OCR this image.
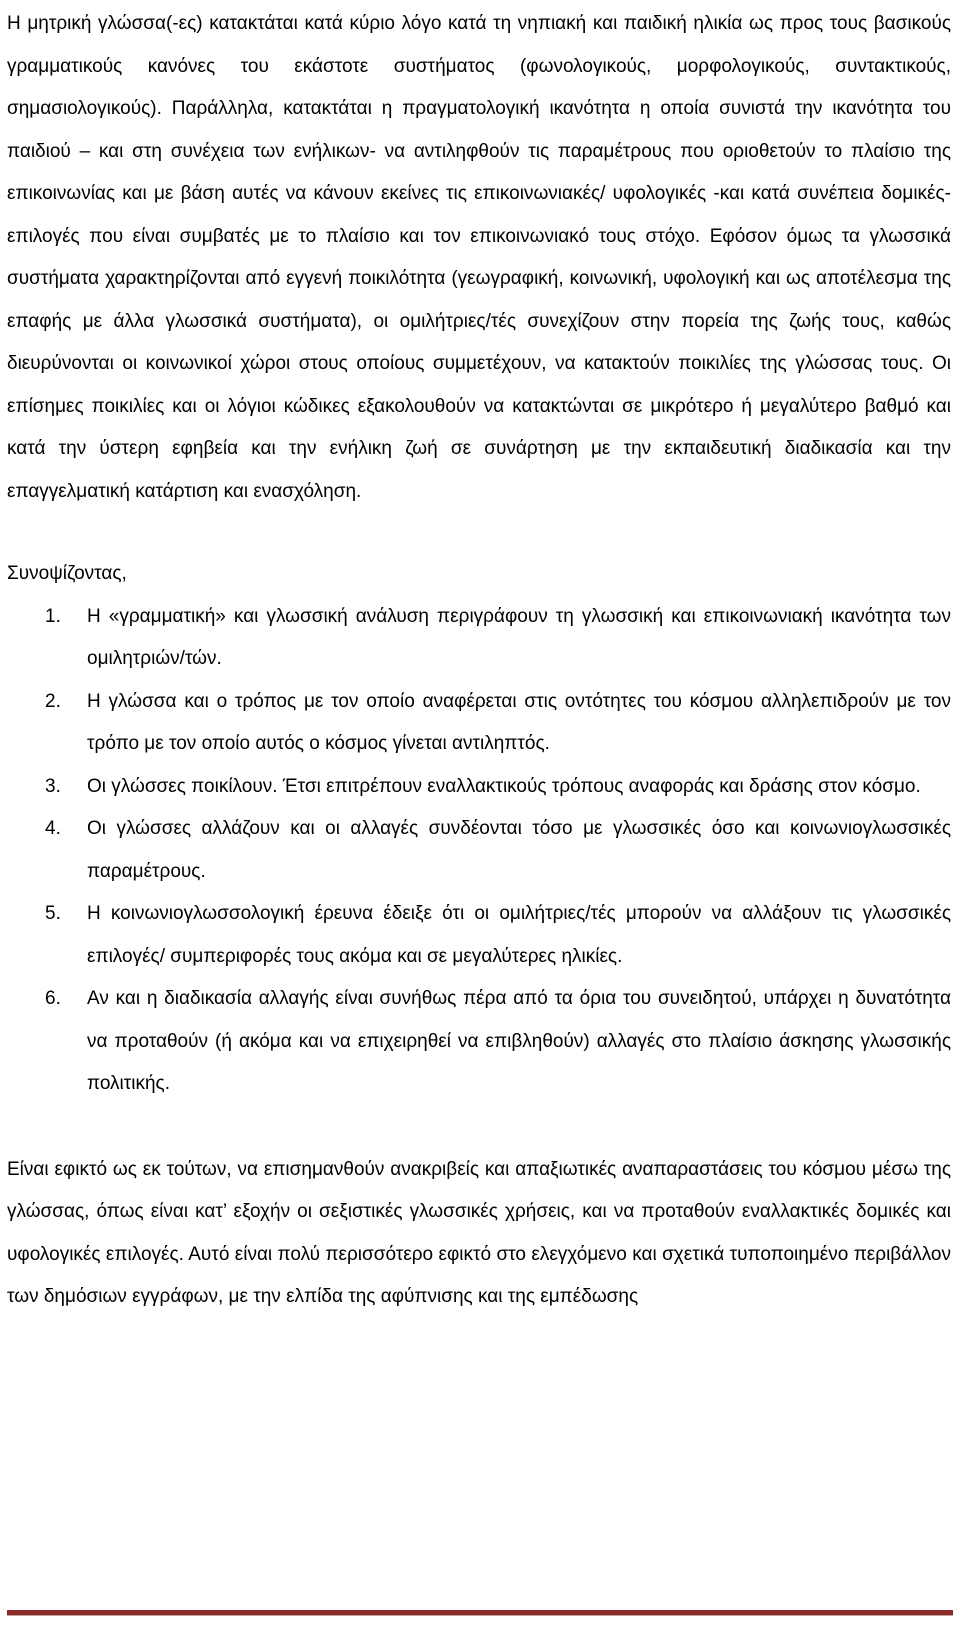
Η μητρική γλώσσα(-ες) κατακτάται κατά κύριο λόγο κατά τη νηπιακή και παιδική ηλικία ως προς τους βασικούς γραμματικούς κανόνες του εκάστοτε συστήματος (φωνολογικούς, μορφολογικούς, συντακτικούς, σημασιολογικούς). Παράλληλα, κατακτάται η πραγματολογική ικανότητα η οποία συνιστά την ικανότητα του παιδιού – και στη συνέχεια των ενήλικων- να αντιληφθούν τις παραμέτρους που οριοθετούν το πλαίσιο της επικοινωνίας και με βάση αυτές να κάνουν εκείνες τις επικοινωνιακές/ υφολογικές -και κατά συνέπεια δομικές- επιλογές που είναι συμβατές με το πλαίσιο και τον επικοινωνιακό τους στόχο. Εφόσον όμως τα γλωσσικά συστήματα χαρακτηρίζονται από εγγενή ποικιλότητα (γεωγραφική, κοινωνική, υφολογική και ως αποτέλεσμα της επαφής με άλλα γλωσσικά συστήματα), οι ομιλήτριες/τές συνεχίζουν στην πορεία της ζωής τους, καθώς διευρύνονται οι κοινωνικοί χώροι στους οποίους συμμετέχουν, να κατακτούν ποικιλίες της γλώσσας τους. Οι επίσημες ποικιλίες και οι λόγιοι κώδικες εξακολουθούν να κατακτώνται σε μικρότερο ή μεγαλύτερο βαθμό και κατά την ύστερη εφηβεία και την ενήλικη ζωή σε συνάρτηση με την εκπαιδευτική διαδικασία και την επαγγελματική κατάρτιση και ενασχόληση.

Συνοψίζοντας,

1. Η «γραμματική» και γλωσσική ανάλυση περιγράφουν τη γλωσσική και επικοινωνιακή ικανότητα των ομιλητριών/τών.
2. Η γλώσσα και ο τρόπος με τον οποίο αναφέρεται στις οντότητες του κόσμου αλληλεπιδρούν με τον τρόπο με τον οποίο αυτός ο κόσμος γίνεται αντιληπτός.
3. Οι γλώσσες ποικίλουν. Έτσι επιτρέπουν εναλλακτικούς τρόπους αναφοράς και δράσης στον κόσμο.
4. Οι γλώσσες αλλάζουν και οι αλλαγές συνδέονται τόσο με γλωσσικές όσο και κοινωνιογλωσσικές παραμέτρους.
5. Η κοινωνιογλωσσολογική έρευνα έδειξε ότι οι ομιλήτριες/τές μπορούν να αλλάξουν τις γλωσσικές επιλογές/ συμπεριφορές τους ακόμα και σε μεγαλύτερες ηλικίες.
6. Αν και η διαδικασία αλλαγής είναι συνήθως πέρα από τα όρια του συνειδητού, υπάρχει η δυνατότητα να προταθούν (ή ακόμα και να επιχειρηθεί να επιβληθούν) αλλαγές στο πλαίσιο άσκησης γλωσσικής πολιτικής.

Είναι εφικτό ως εκ τούτων, να επισημανθούν ανακριβείς και απαξιωτικές αναπαραστάσεις του κόσμου μέσω της γλώσσας, όπως είναι κατ’ εξοχήν οι σεξιστικές γλωσσικές χρήσεις, και να προταθούν εναλλακτικές δομικές και υφολογικές επιλογές. Αυτό είναι πολύ περισσότερο εφικτό στο ελεγχόμενο και σχετικά τυποποιημένο περιβάλλον των δημόσιων εγγράφων, με την ελπίδα της αφύπνισης και της εμπέδωσης
